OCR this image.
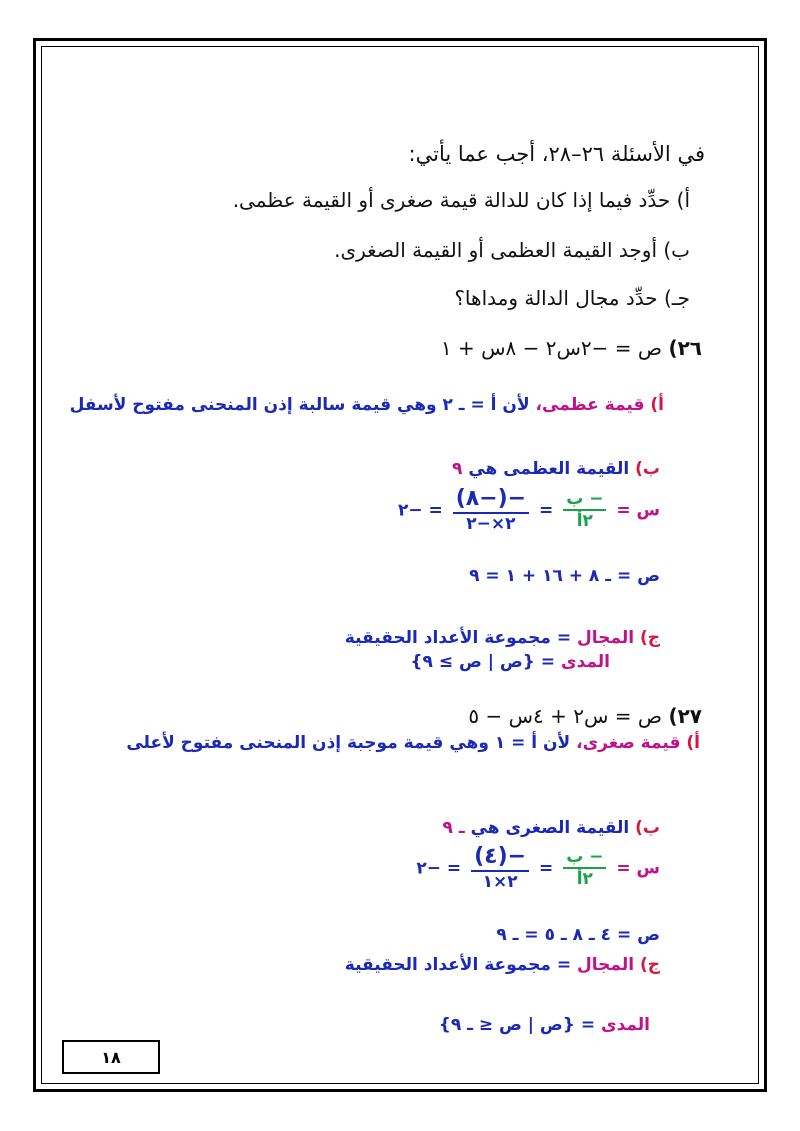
في الأسئلة ٢٦–٢٨، أجب عما يأتي:
أ) حدِّد فيما إذا كان للدالة قيمة صغرى أو القيمة عظمى.
ب) أوجد القيمة العظمى أو القيمة الصغرى.
جـ) حدِّد مجال الدالة ومداها؟
٢٦) ص = −٢س٢ − ٨س + ١
أ) قيمة عظمى، لأن أ = ـ ٢ وهي قيمة سالبة إذن المنحنى مفتوح لأسفل
ب) القيمة العظمى هي ٩
س =
$\frac{\text{− ب}}{\text{٢أ}}$
=
$\frac{-(-٨)}{٢\times-٢}$
= −٢
ص = ـ ٨ + ١٦ + ١ = ٩
ج) المجال = مجموعة الأعداد الحقيقية
المدى = {ص | ص ≥ ٩}
٢٧) ص = س٢ + ٤س − ٥
أ) قيمة صغرى، لأن أ = ١ وهي قيمة موجبة إذن المنحنى مفتوح لأعلى
ب) القيمة الصغرى هي ـ ٩
س =
$\frac{\text{− ب}}{\text{٢أ}}$
=
$\frac{-(٤)}{٢\times ١}$
= −٢
ص = ٤ ـ ٨ ـ ٥ = ـ ٩
ج) المجال = مجموعة الأعداد الحقيقية
المدى = {ص | ص ≤ ـ ٩}
١٨
